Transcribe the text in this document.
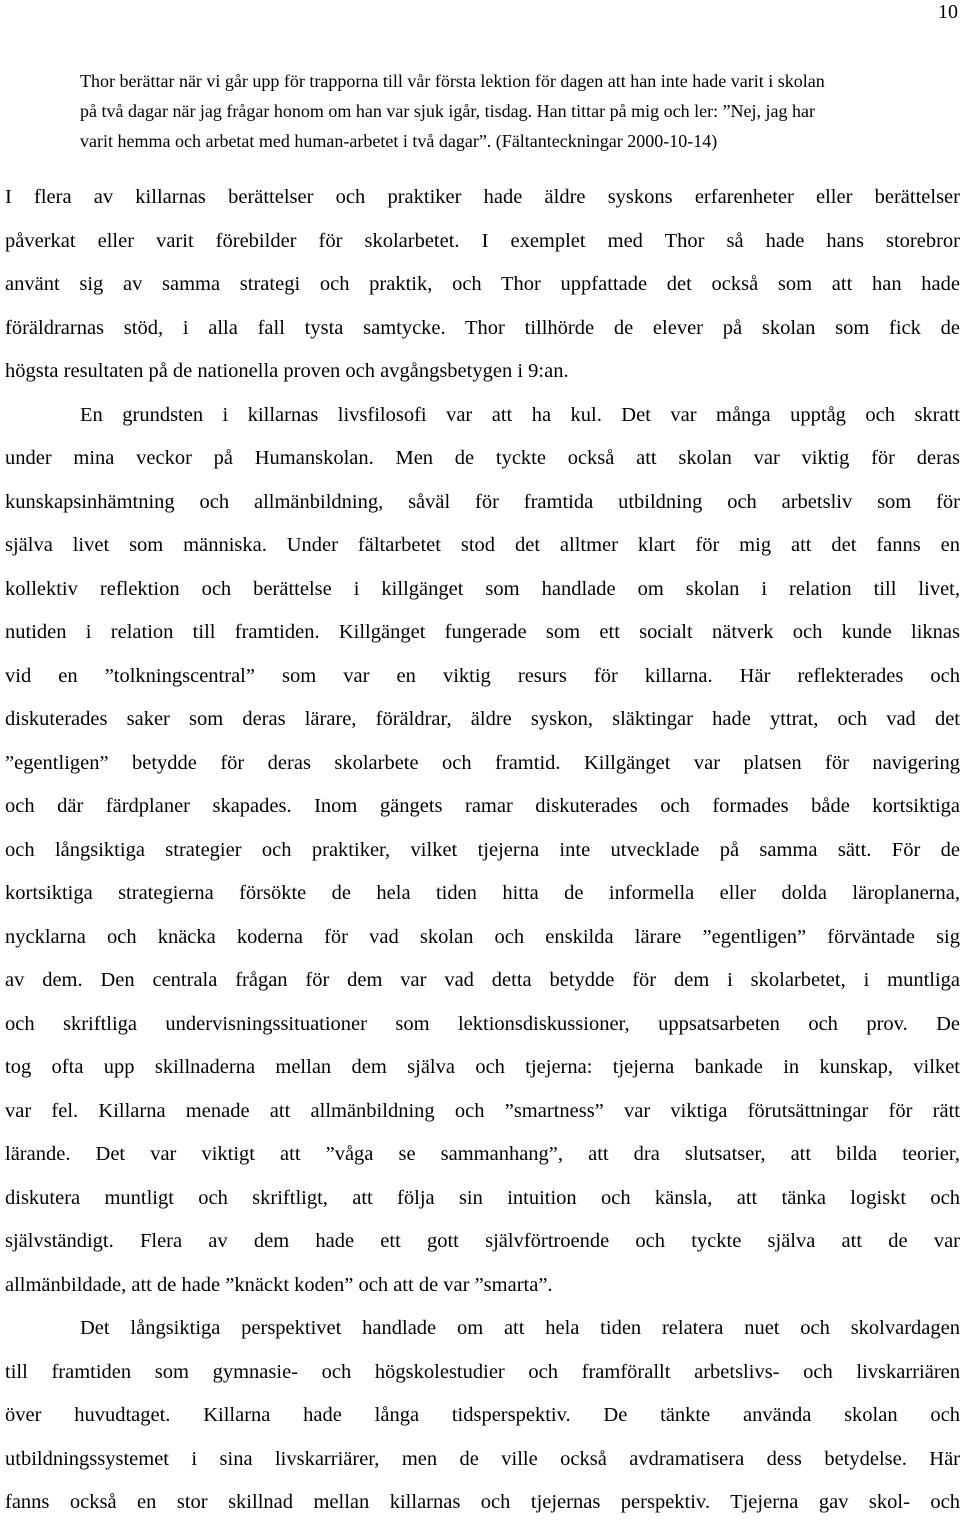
10
Thor berättar när vi går upp för trapporna till vår första lektion för dagen att han inte hade varit i skolan
på två dagar när jag frågar honom om han var sjuk igår, tisdag. Han tittar på mig och ler: ”Nej, jag har
varit hemma och arbetat med human-arbetet i två dagar”. (Fältanteckningar 2000-10-14)
I flera av killarnas berättelser och praktiker hade äldre syskons erfarenheter eller berättelser
påverkat eller varit förebilder för skolarbetet. I exemplet med Thor så hade hans storebror
använt sig av samma strategi och praktik, och Thor uppfattade det också som att han hade
föräldrarnas stöd, i alla fall tysta samtycke. Thor tillhörde de elever på skolan som fick de
högsta resultaten på de nationella proven och avgångsbetygen i 9:an.
En grundsten i killarnas livsfilosofi var att ha kul. Det var många upptåg och skratt
under mina veckor på Humanskolan. Men de tyckte också att skolan var viktig för deras
kunskapsinhämtning och allmänbildning, såväl för framtida utbildning och arbetsliv som för
själva livet som människa. Under fältarbetet stod det alltmer klart för mig att det fanns en
kollektiv reflektion och berättelse i killgänget som handlade om skolan i relation till livet,
nutiden i relation till framtiden. Killgänget fungerade som ett socialt nätverk och kunde liknas
vid en ”tolkningscentral” som var en viktig resurs för killarna. Här reflekterades och
diskuterades saker som deras lärare, föräldrar, äldre syskon, släktingar hade yttrat, och vad det
”egentligen” betydde för deras skolarbete och framtid. Killgänget var platsen för navigering
och där färdplaner skapades. Inom gängets ramar diskuterades och formades både kortsiktiga
och långsiktiga strategier och praktiker, vilket tjejerna inte utvecklade på samma sätt. För de
kortsiktiga strategierna försökte de hela tiden hitta de informella eller dolda läroplanerna,
nycklarna och knäcka koderna för vad skolan och enskilda lärare ”egentligen” förväntade sig
av dem. Den centrala frågan för dem var vad detta betydde för dem i skolarbetet, i muntliga
och skriftliga undervisningssituationer som lektionsdiskussioner, uppsatsarbeten och prov. De
tog ofta upp skillnaderna mellan dem själva och tjejerna: tjejerna bankade in kunskap, vilket
var fel. Killarna menade att allmänbildning och ”smartness” var viktiga förutsättningar för rätt
lärande. Det var viktigt att ”våga se sammanhang”, att dra slutsatser, att bilda teorier,
diskutera muntligt och skriftligt, att följa sin intuition och känsla, att tänka logiskt och
självständigt. Flera av dem hade ett gott självförtroende och tyckte själva att de var
allmänbildade, att de hade ”knäckt koden” och att de var ”smarta”.
Det långsiktiga perspektivet handlade om att hela tiden relatera nuet och skolvardagen
till framtiden som gymnasie- och högskolestudier och framförallt arbetslivs- och livskarriären
över huvudtaget. Killarna hade långa tidsperspektiv. De tänkte använda skolan och
utbildningssystemet i sina livskarriärer, men de ville också avdramatisera dess betydelse. Här
fanns också en stor skillnad mellan killarnas och tjejernas perspektiv. Tjejerna gav skol- och
